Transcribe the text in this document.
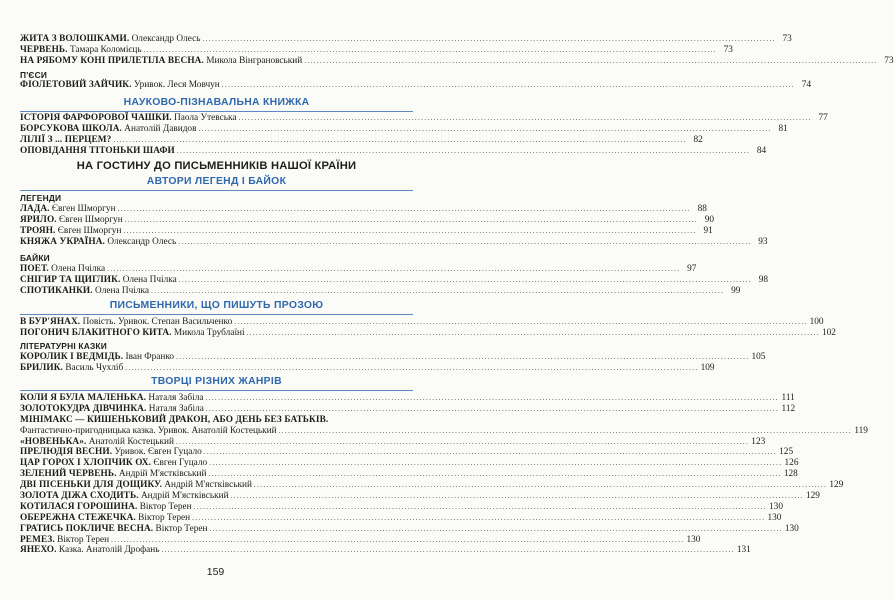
ЖИТА З ВОЛОШКАМИ. Олександр Олесь .....	73
ЧЕРВЕНЬ. Тамара Коломієць .....	73
НА РЯБОМУ КОНІ ПРИЛЕТІЛА ВЕСНА. Микола Вінграновський .....	73
П'ЄСИ
ФІОЛЕТОВИЙ ЗАЙЧИК. Уривок. Леся Мовчун .....	74
НАУКОВО-ПІЗНАВАЛЬНА КНИЖКА
ІСТОРІЯ ФАРФОРОВОЇ ЧАШКИ. Паола Утевська .....	77
БОРСУКОВА ШКОЛА. Анатолій Давидов .....	81
ЛІЛІЇ З ... ПЕРЦЕМ? .....	82
ОПОВІДАННЯ ТІТОНЬКИ ШАФИ .....	84
НА ГОСТИНУ ДО ПИСЬМЕННИКІВ НАШОЇ КРАЇНИ
АВТОРИ ЛЕГЕНД І БАЙОК
ЛЕГЕНДИ
ЛАДА. Євген Шморгун .....	88
ЯРИЛО. Євген Шморгун .....	90
ТРОЯН. Євген Шморгун .....	91
КНЯЖА УКРАЇНА. Олександр Олесь .....	93
БАЙКИ
ПОЕТ. Олена Пчілка .....	97
СНІГИР ТА ЩИГЛИК. Олена Пчілка .....	98
СПОТИКАНКИ. Олена Пчілка .....	99
ПИСЬМЕННИКИ, ЩО ПИШУТЬ ПРОЗОЮ
В БУР'ЯНАХ. Повість. Уривок. Степан Васильченко .....	100
ПОГОНИЧ БЛАКИТНОГО КИТА. Микола Трублаїні .....	102
ЛІТЕРАТУРНІ КАЗКИ
КОРОЛИК І ВЕДМІДЬ. Іван Франко .....	105
БРИЛИК. Василь Чухліб .....	109
ТВОРЦІ РІЗНИХ ЖАНРІВ
КОЛИ Я БУЛА МАЛЕНЬКА. Наталя Забіла .....	111
ЗОЛОТОКУДРА ДІВЧИНКА. Наталя Забіла .....	112
МІНІМАКС — КИШЕНЬКОВИЙ ДРАКОН, АБО ДЕНЬ БЕЗ БАТЬКІВ.
Фантастично-пригодницька казка. Уривок. Анатолій Костецький .....	119
«НОВЕНЬКА». Анатолій Костецький .....	123
ПРЕЛЮДІЯ ВЕСНИ. Уривок. Євген Гуцало .....	125
ЦАР ГОРОХ І ХЛОПЧИК ОХ. Євген Гуцало .....	126
ЗЕЛЕНИЙ ЧЕРВЕНЬ. Андрій М'ястківський .....	128
ДВІ ПІСЕНЬКИ ДЛЯ ДОЩИКУ. Андрій М'ястківський .....	129
ЗОЛОТА ДІЖА СХОДИТЬ. Андрій М'ястківський .....	129
КОТИЛАСЯ ГОРОШИНА. Віктор Терен .....	130
ОБЕРЕЖНА СТЕЖЕЧКА. Віктор Терен .....	130
ГРАТИСЬ ПОКЛИЧЕ ВЕСНА. Віктор Терен .....	130
РЕМЕЗ. Віктор Терен .....	130
ЯНЕХО. Казка. Анатолій Дрофань .....	131
159
